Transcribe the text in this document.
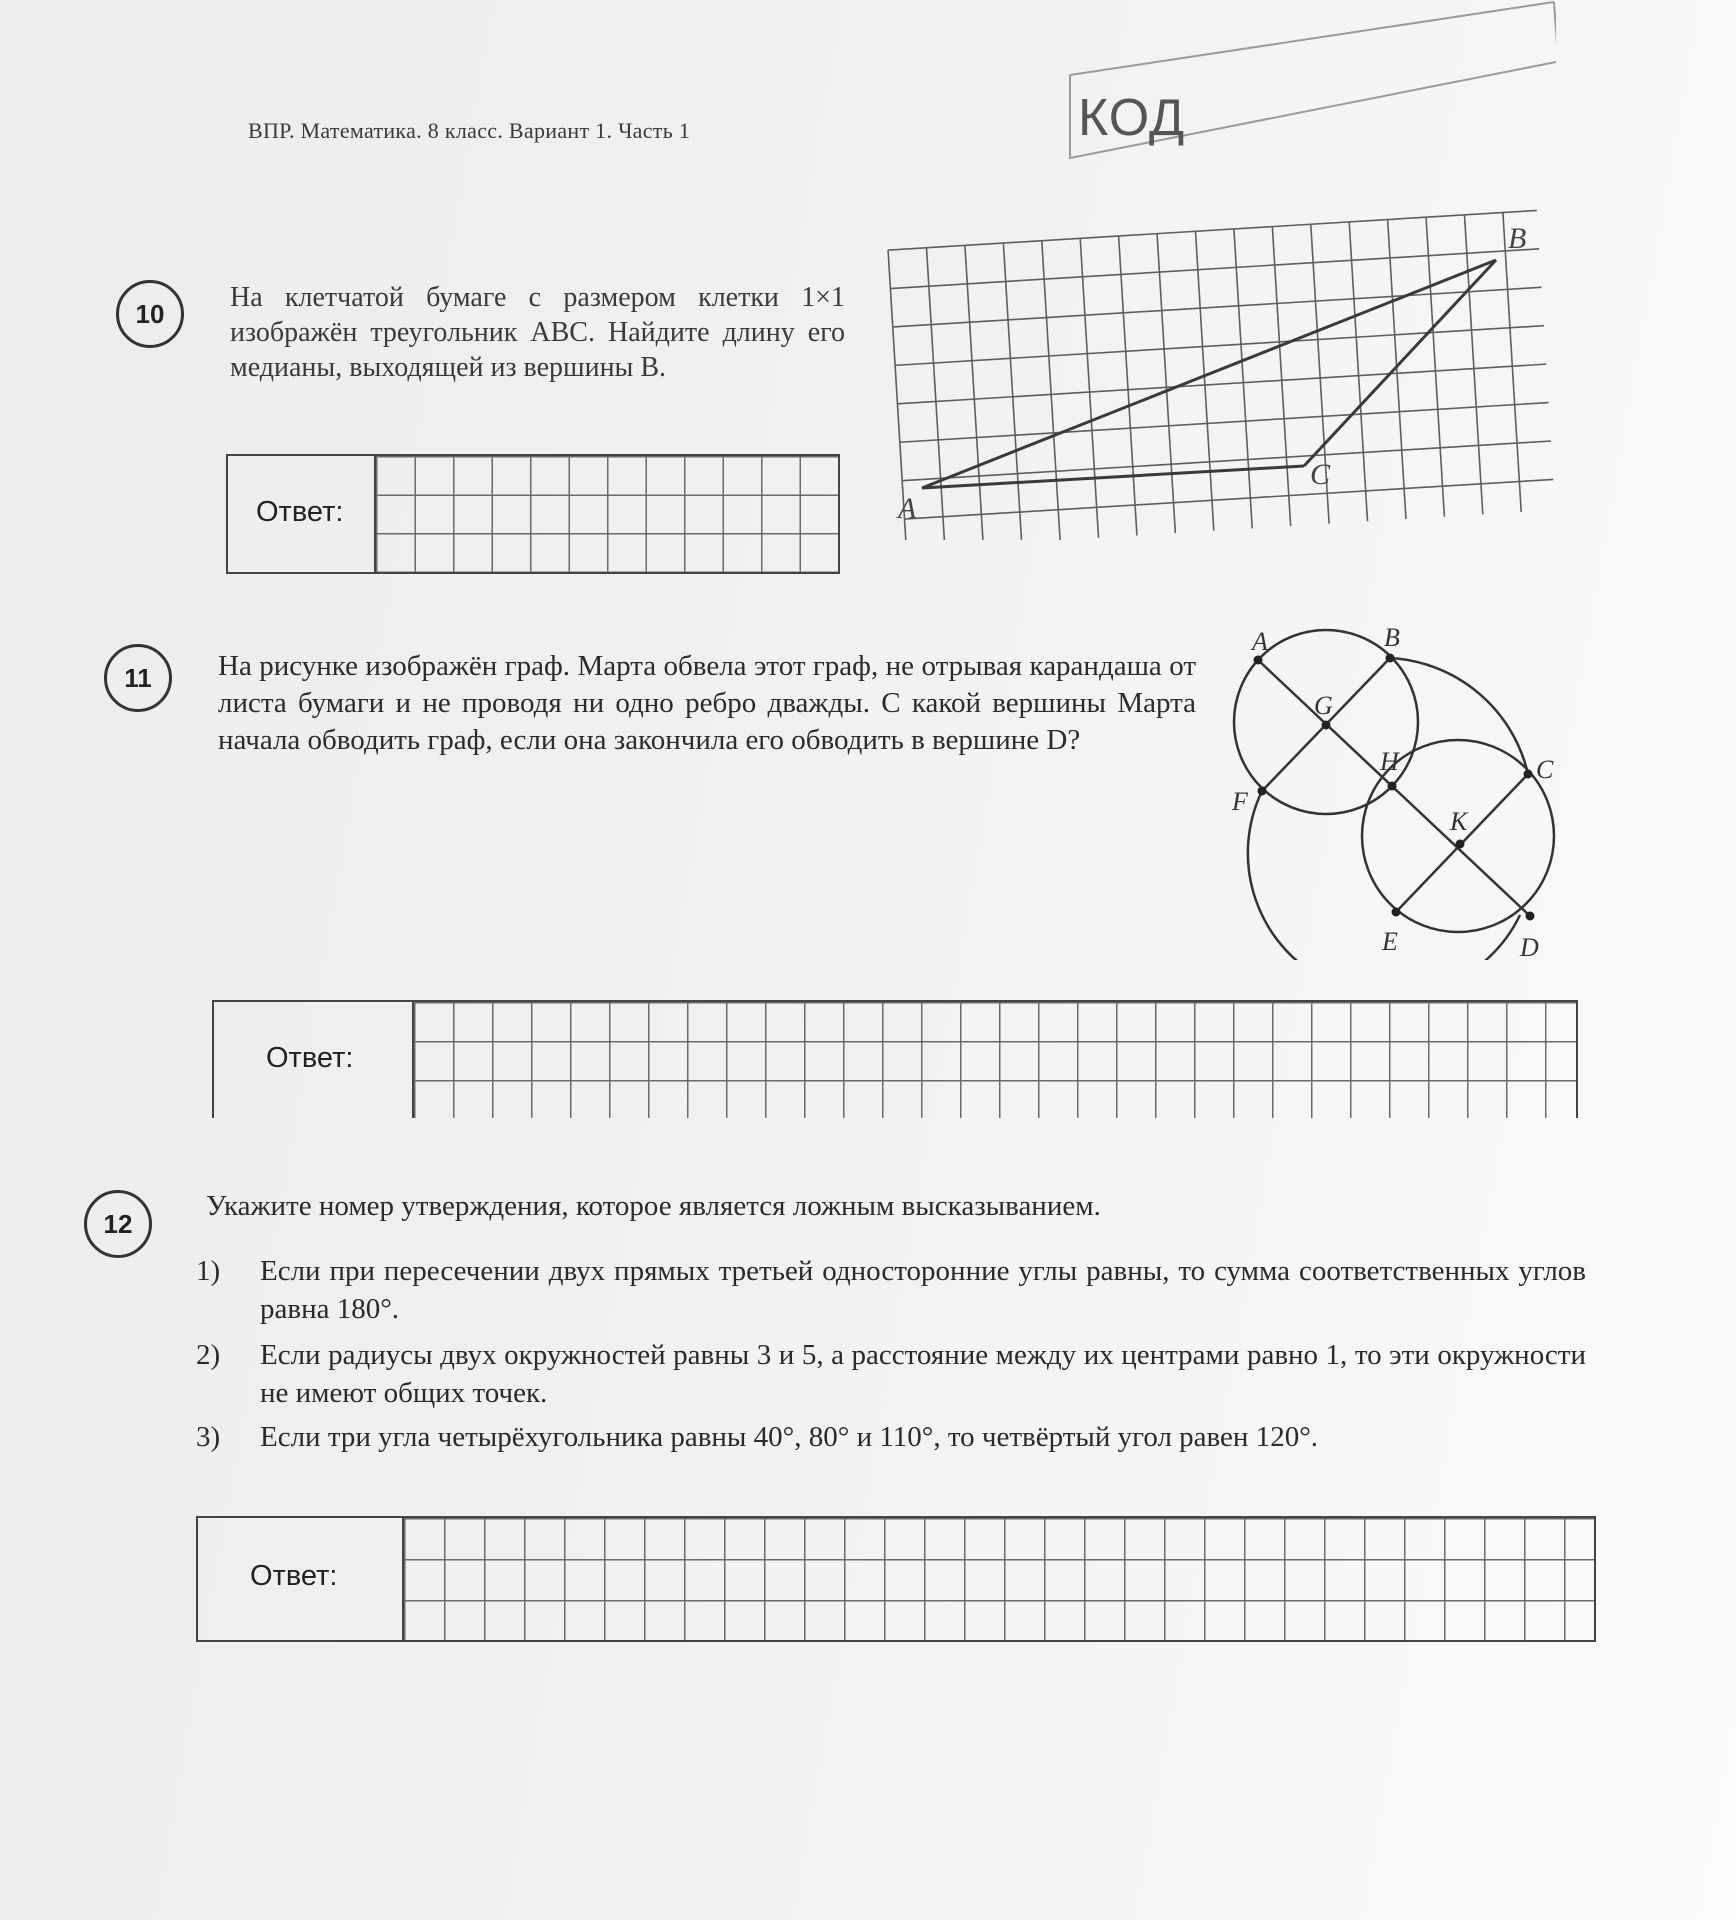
ВПР. Математика. 8 класс. Вариант 1. Часть 1	КОД
10
На клетчатой бумаге с размером клетки 1×1 изображён треугольник ABC. Найдите длину его медианы, выходящей из вершины B.
Ответ:	A
B
C
11	На рисунке изображён граф. Марта обвела этот граф, не отрывая карандаша от листа бумаги и не проводя ни одно ребро дважды. С какой вершины Марта начала обводить граф, если она закончила его обводить в вершине D?
A	B
C
D
E
F
G
H
K
Ответ:
12
Укажите номер утверждения, которое является ложным высказыванием.
1) Если при пересечении двух прямых третьей односторонние углы равны, то сумма соответственных углов равна 180°.
2) Если радиусы двух окружностей равны 3 и 5, а расстояние между их центрами равно 1, то эти окружности не имеют общих точек.
3) Если три угла четырёхугольника равны 40°, 80° и 110°, то четвёртый угол равен 120°.
Ответ:
